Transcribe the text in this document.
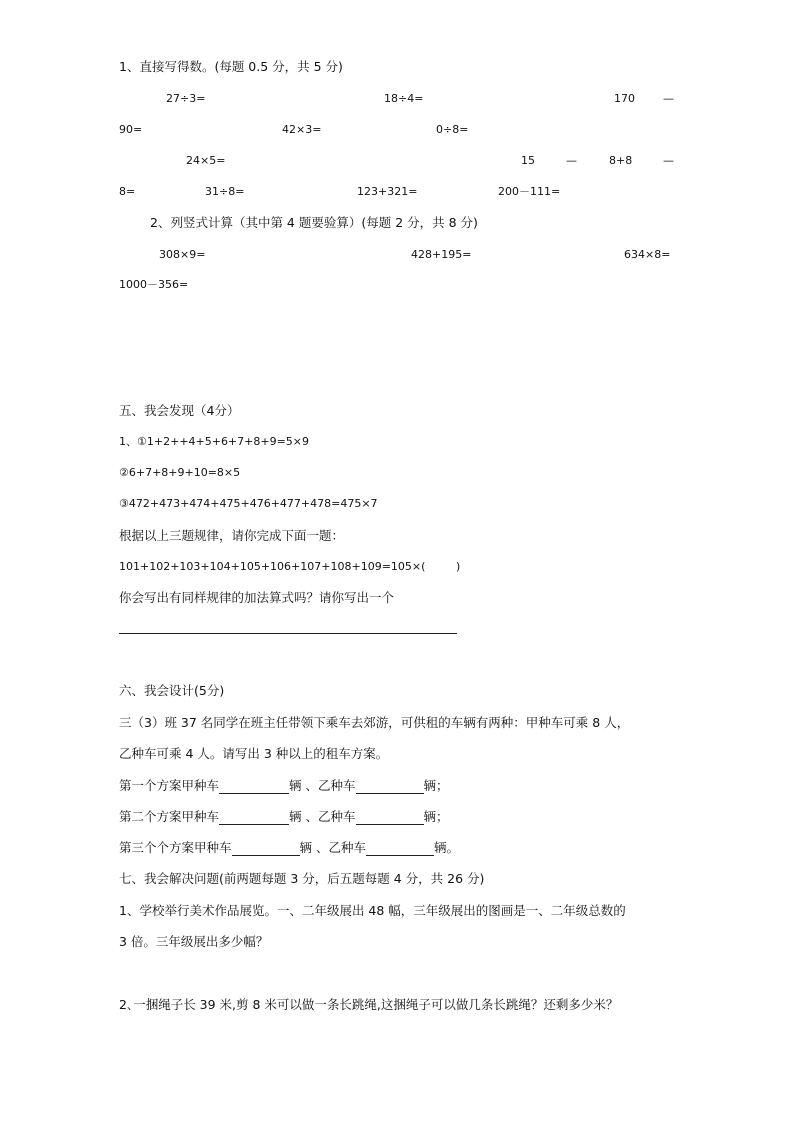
1、直接写得数。(每题 0.5 分，共 5 分)
27÷3=	18÷4=	170	—
90=	42×3=	0÷8=
24×5=	15	—	8+8	—
8=	31÷8=	123+321=	200－111=
2、列竖式计算（其中第 4 题要验算）(每题 2 分，共 8 分)
308×9=	428+195=	634×8=
1000－356=
五、我会发现（4分）
1、①1+2++4+5+6+7+8+9=5×9
②6+7+8+9+10=8×5
③472+473+474+475+476+477+478=475×7
根据以上三题规律，请你完成下面一题：
101+102+103+104+105+106+107+108+109=105×(	)
你会写出有同样规律的加法算式吗？请你写出一个
六、我会设计(5分)
三（3）班 37 名同学在班主任带领下乘车去郊游，可供租的车辆有两种：甲种车可乘 8 人，
乙种车可乘 4 人。请写出 3 种以上的租车方案。
第一个方案甲种车	辆 、乙种车	辆；
第二个方案甲种车	辆 、乙种车	辆；
第三个个方案甲种车	辆 、乙种车	辆。
七、我会解决问题(前两题每题 3 分，后五题每题 4 分，共 26 分)
1、学校举行美术作品展览。一、二年级展出 48 幅，三年级展出的图画是一、二年级总数的
3 倍。三年级展出多少幅？
2､一捆绳子长 39 米,剪 8 米可以做一条长跳绳,这捆绳子可以做几条长跳绳？还剩多少米？
